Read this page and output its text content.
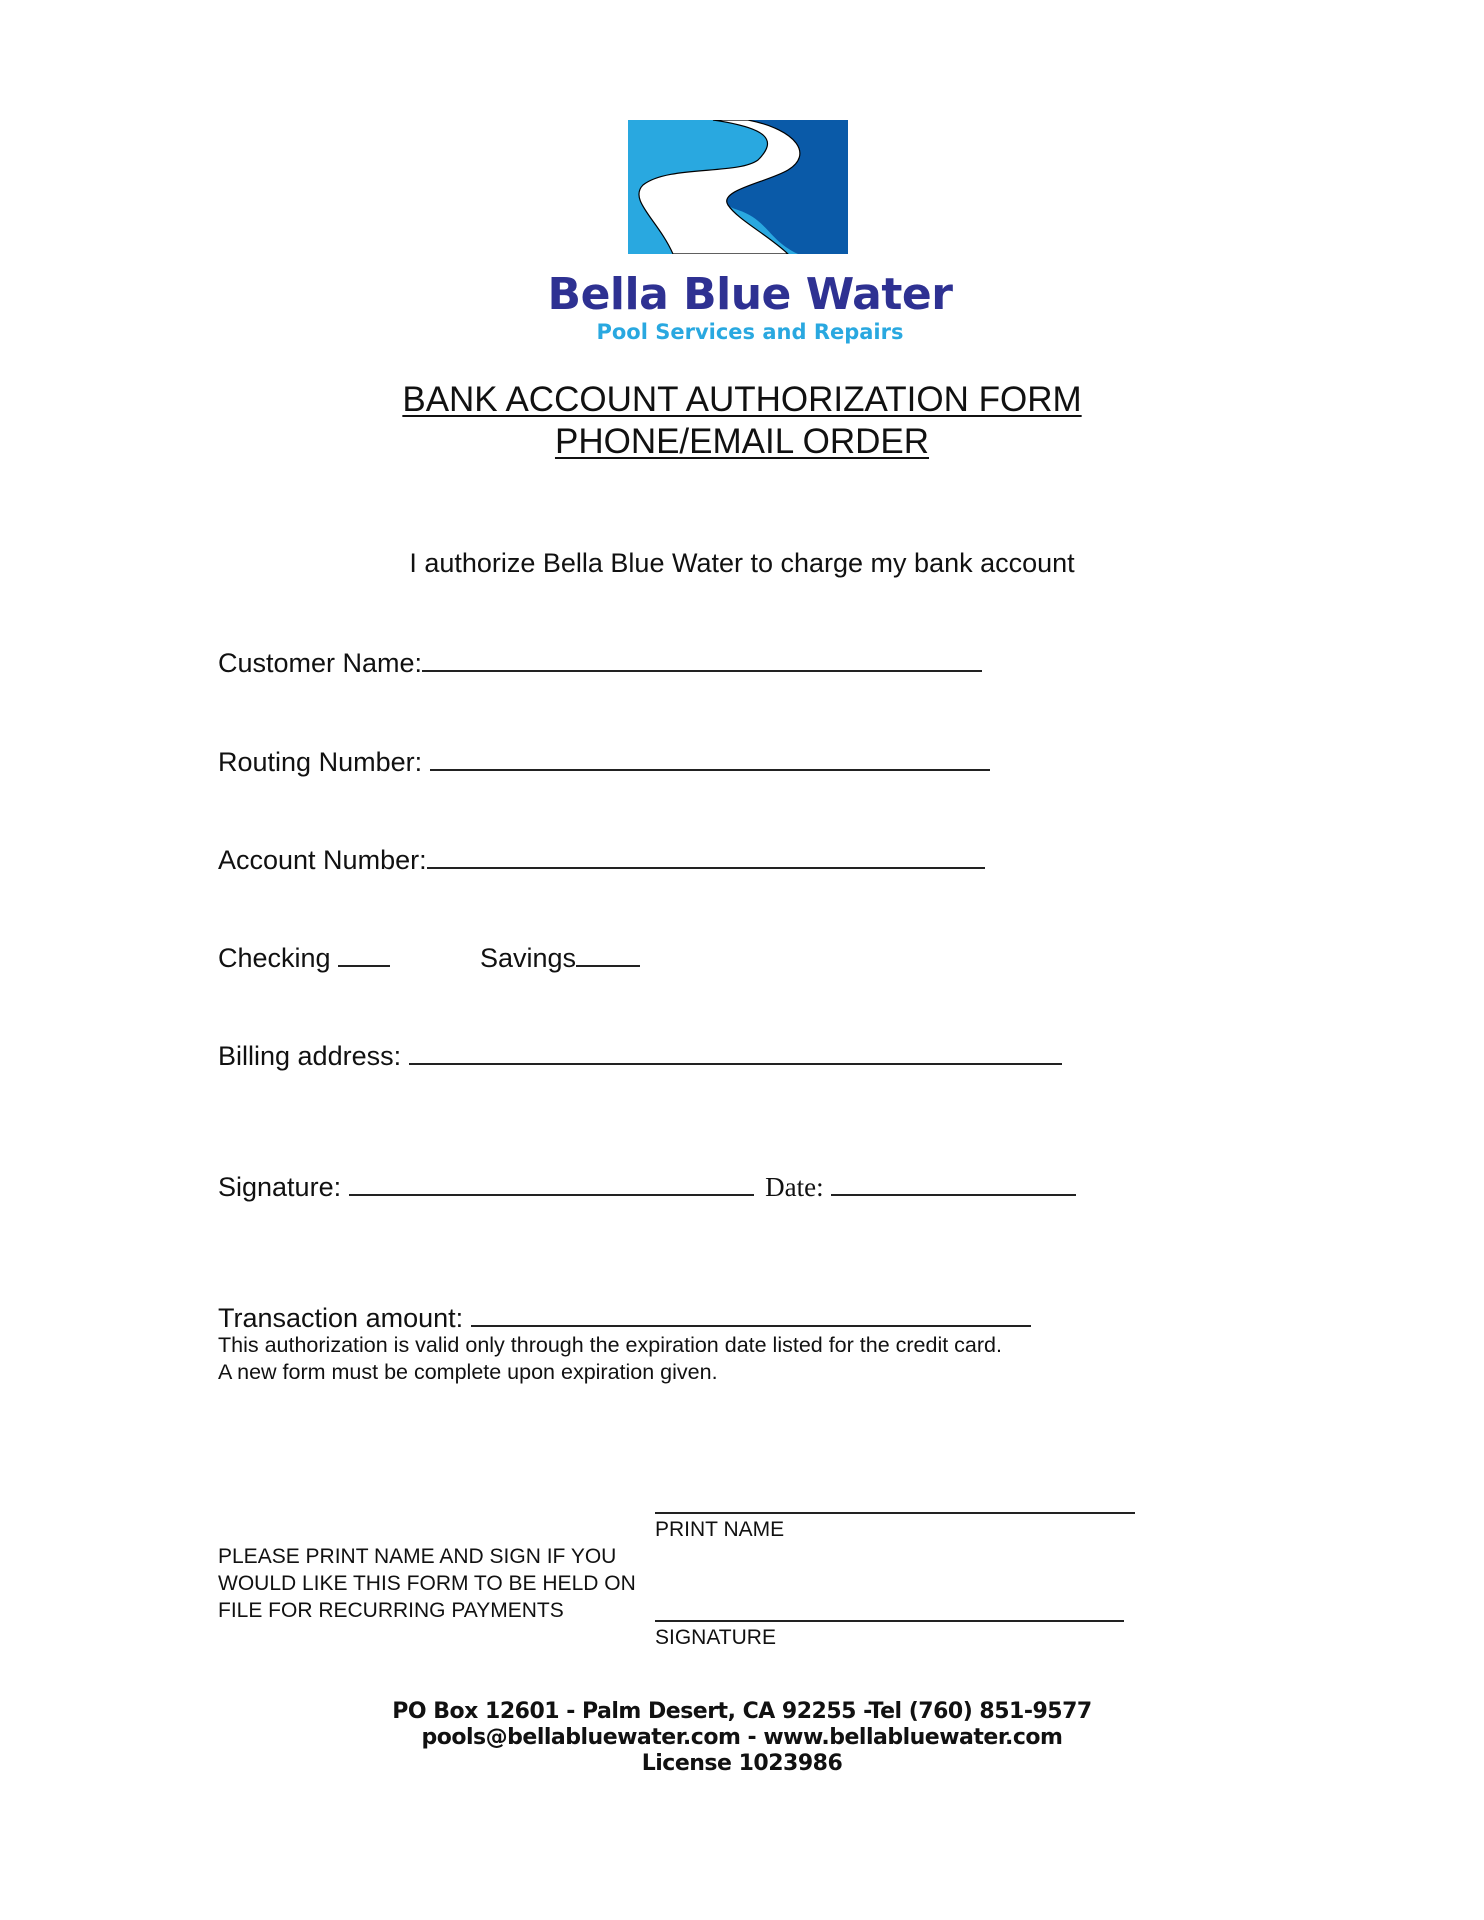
Bella Blue Water
Pool Services and Repairs
BANK ACCOUNT AUTHORIZATION FORM
PHONE/EMAIL ORDER
I authorize Bella Blue Water to charge my bank account
Customer Name:
Routing Number:
Account Number:
Checking	Savings
Billing address:
Signature:	Date:
Transaction amount:
This authorization is valid only through the expiration date listed for the credit card.
A new form must be complete upon expiration given.
PRINT NAME
PLEASE PRINT NAME AND SIGN IF YOU
WOULD LIKE THIS FORM TO BE HELD ON
FILE FOR RECURRING PAYMENTS
SIGNATURE
PO Box 12601 - Palm Desert, CA 92255 -Tel (760) 851-9577
pools@bellabluewater.com - www.bellabluewater.com
License 1023986
